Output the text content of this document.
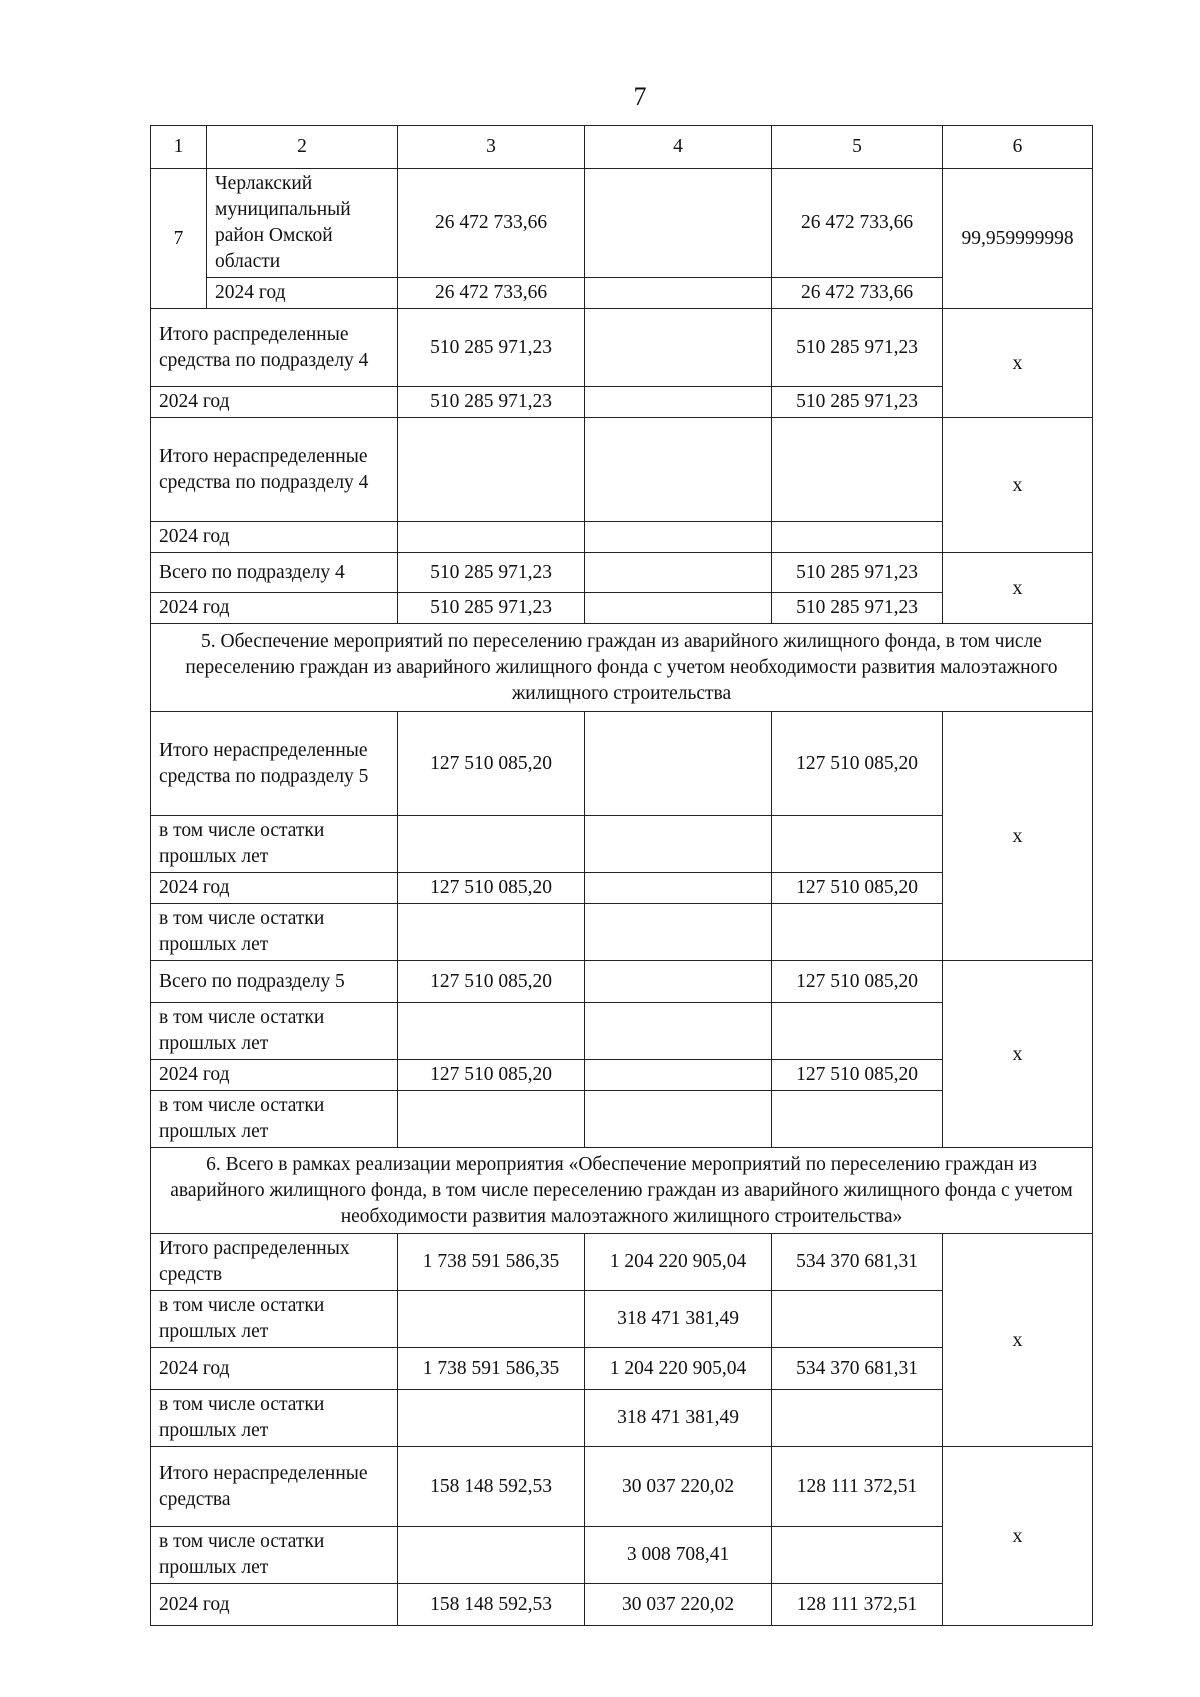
7
1	2	3	4	5	6
7	Черлакский муниципальный район Омской области	26 472 733,66		26 472 733,66	99,959999998
	2024 год	26 472 733,66		26 472 733,66	
Итого распределенные средства по подразделу 4		510 285 971,23		510 285 971,23	х
2024 год		510 285 971,23		510 285 971,23	
Итого нераспределенные средства по подразделу 4					х
2024 год					
Всего по подразделу 4		510 285 971,23		510 285 971,23	х
2024 год		510 285 971,23		510 285 971,23	
5. Обеспечение мероприятий по переселению граждан из аварийного жилищного фонда, в том числе переселению граждан из аварийного жилищного фонда с учетом необходимости развития малоэтажного жилищного строительства					
Итого нераспределенные средства по подразделу 5		127 510 085,20		127 510 085,20	х
в том числе остатки прошлых лет					
2024 год		127 510 085,20		127 510 085,20	
в том числе остатки прошлых лет					
Всего по подразделу 5		127 510 085,20		127 510 085,20	х
в том числе остатки прошлых лет					
2024 год		127 510 085,20		127 510 085,20	
в том числе остатки прошлых лет					
6. Всего в рамках реализации мероприятия «Обеспечение мероприятий по переселению граждан из аварийного жилищного фонда, в том числе переселению граждан из аварийного жилищного фонда с учетом необходимости развития малоэтажного жилищного строительства»					
Итого распределенных средств		1 738 591 586,35	1 204 220 905,04	534 370 681,31	х
в том числе остатки прошлых лет			318 471 381,49		
2024 год		1 738 591 586,35	1 204 220 905,04	534 370 681,31	
в том числе остатки прошлых лет			318 471 381,49		
Итого нераспределенные средства		158 148 592,53	30 037 220,02	128 111 372,51	х
в том числе остатки прошлых лет			3 008 708,41		
2024 год		158 148 592,53	30 037 220,02	128 111 372,51	
